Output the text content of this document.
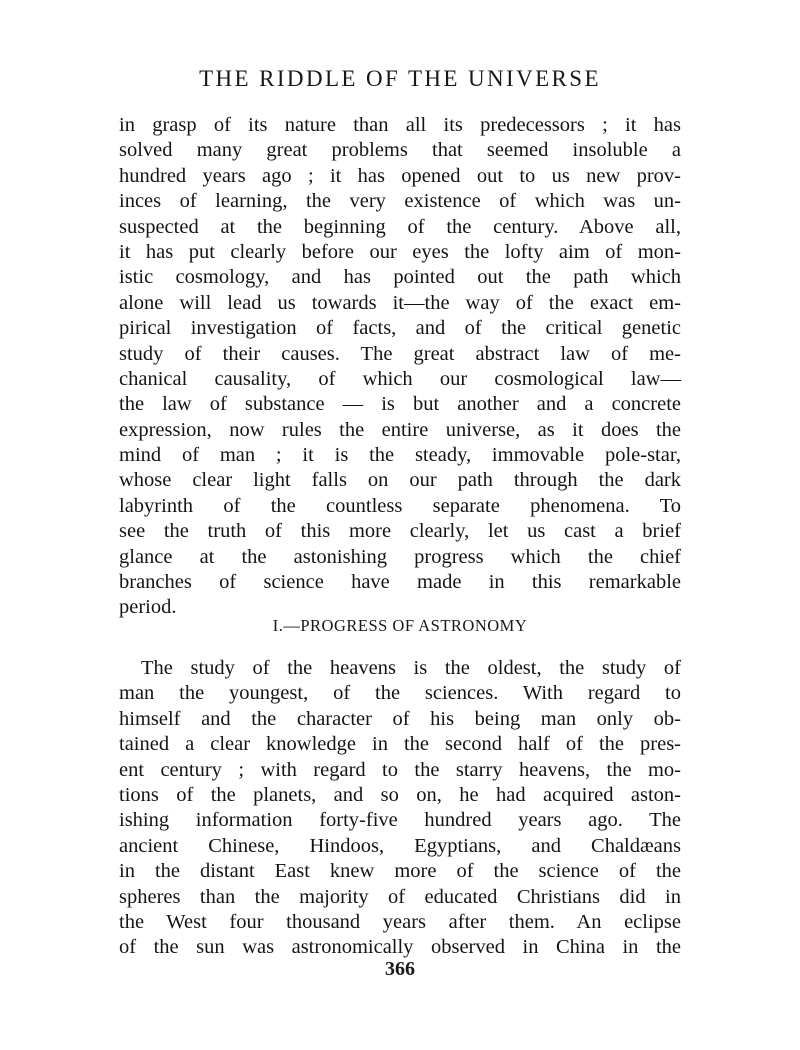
THE RIDDLE OF THE UNIVERSE
in grasp of its nature than all its predecessors ; it has
solved many great problems that seemed insoluble a
hundred years ago ; it has opened out to us new prov-
inces of learning, the very existence of which was un-
suspected at the beginning of the century. Above all,
it has put clearly before our eyes the lofty aim of mon-
istic cosmology, and has pointed out the path which
alone will lead us towards it—the way of the exact em-
pirical investigation of facts, and of the critical genetic
study of their causes. The great abstract law of me-
chanical causality, of which our cosmological law—
the law of substance — is but another and a concrete
expression, now rules the entire universe, as it does the
mind of man ; it is the steady, immovable pole-star,
whose clear light falls on our path through the dark
labyrinth of the countless separate phenomena. To
see the truth of this more clearly, let us cast a brief
glance at the astonishing progress which the chief
branches of science have made in this remarkable
period.
I.—PROGRESS OF ASTRONOMY
The study of the heavens is the oldest, the study of
man the youngest, of the sciences. With regard to
himself and the character of his being man only ob-
tained a clear knowledge in the second half of the pres-
ent century ; with regard to the starry heavens, the mo-
tions of the planets, and so on, he had acquired aston-
ishing information forty-five hundred years ago. The
ancient Chinese, Hindoos, Egyptians, and Chaldæans
in the distant East knew more of the science of the
spheres than the majority of educated Christians did in
the West four thousand years after them. An eclipse
of the sun was astronomically observed in China in the
366
